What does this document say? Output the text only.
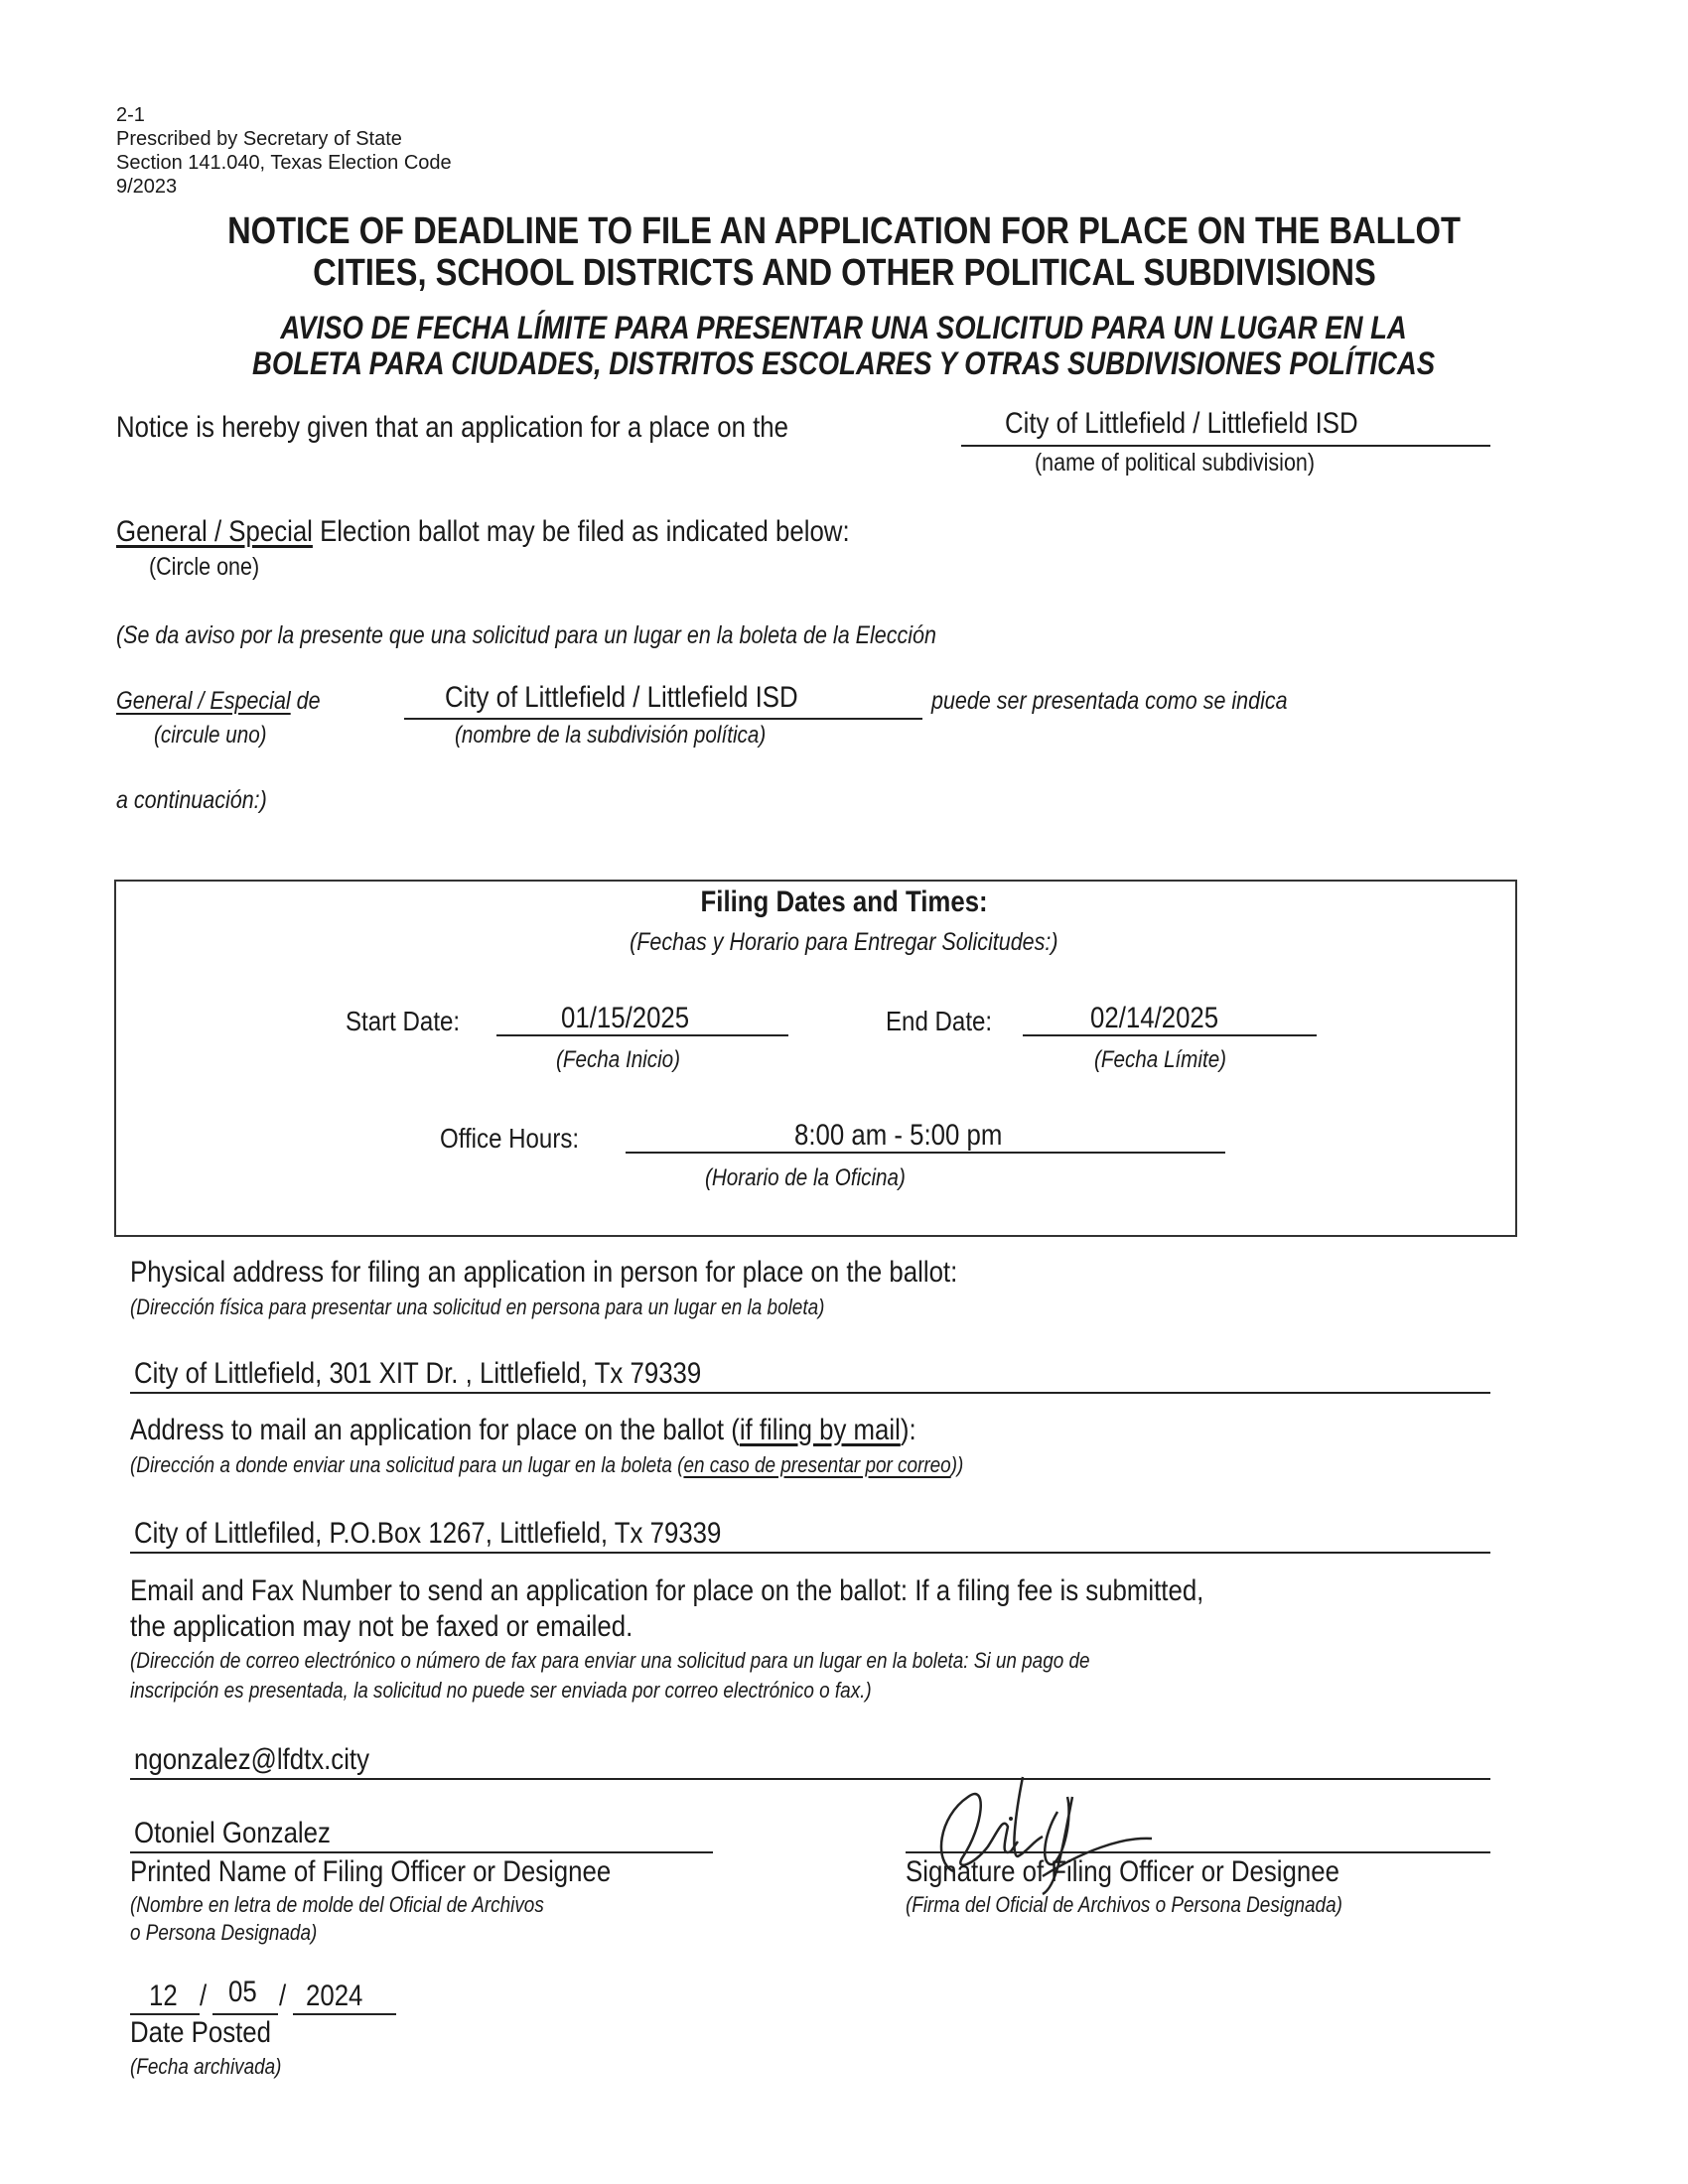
2-1
Prescribed by Secretary of State
Section 141.040, Texas Election Code
9/2023
NOTICE OF DEADLINE TO FILE AN APPLICATION FOR PLACE ON THE BALLOT
CITIES, SCHOOL DISTRICTS AND OTHER POLITICAL SUBDIVISIONS
AVISO DE FECHA LÍMITE PARA PRESENTAR UNA SOLICITUD PARA UN LUGAR EN LA
BOLETA PARA CIUDADES, DISTRITOS ESCOLARES Y OTRAS SUBDIVISIONES POLÍTICAS
Notice is hereby given that an application for a place on the	City of Littlefield / Littlefield ISD
(name of political subdivision)
General / Special Election ballot may be filed as indicated below:
(Circle one)
(Se da aviso por la presente que una solicitud para un lugar en la boleta de la Elección
General / Especial de	City of Littlefield / Littlefield ISD	puede ser presentada como se indica
(circule uno)	(nombre de la subdivisión política)
a continuación:)
Filing Dates and Times:
(Fechas y Horario para Entregar Solicitudes:)
Start Date:	01/15/2025
(Fecha Inicio)
End Date:	02/14/2025
(Fecha Límite)
Office Hours:	8:00 am - 5:00 pm
(Horario de la Oficina)
Physical address for filing an application in person for place on the ballot:
(Dirección física para presentar una solicitud en persona para un lugar en la boleta)
City of Littlefield, 301 XIT Dr. , Littlefield, Tx 79339
Address to mail an application for place on the ballot (if filing by mail):
(Dirección a donde enviar una solicitud para un lugar en la boleta (en caso de presentar por correo))
City of Littlefiled, P.O.Box 1267, Littlefield, Tx 79339
Email and Fax Number to send an application for place on the ballot: If a filing fee is submitted,
the application may not be faxed or emailed.
(Dirección de correo electrónico o número de fax para enviar una solicitud para un lugar en la boleta: Si un pago de
inscripción es presentada, la solicitud no puede ser enviada por correo electrónico o fax.)
ngonzalez@lfdtx.city
Otoniel Gonzalez
Printed Name of Filing Officer or Designee
(Nombre en letra de molde del Oficial de Archivos
o Persona Designada)
Signature of Filing Officer or Designee
(Firma del Oficial de Archivos o Persona Designada)
12 / 05 / 2024
Date Posted
(Fecha archivada)
